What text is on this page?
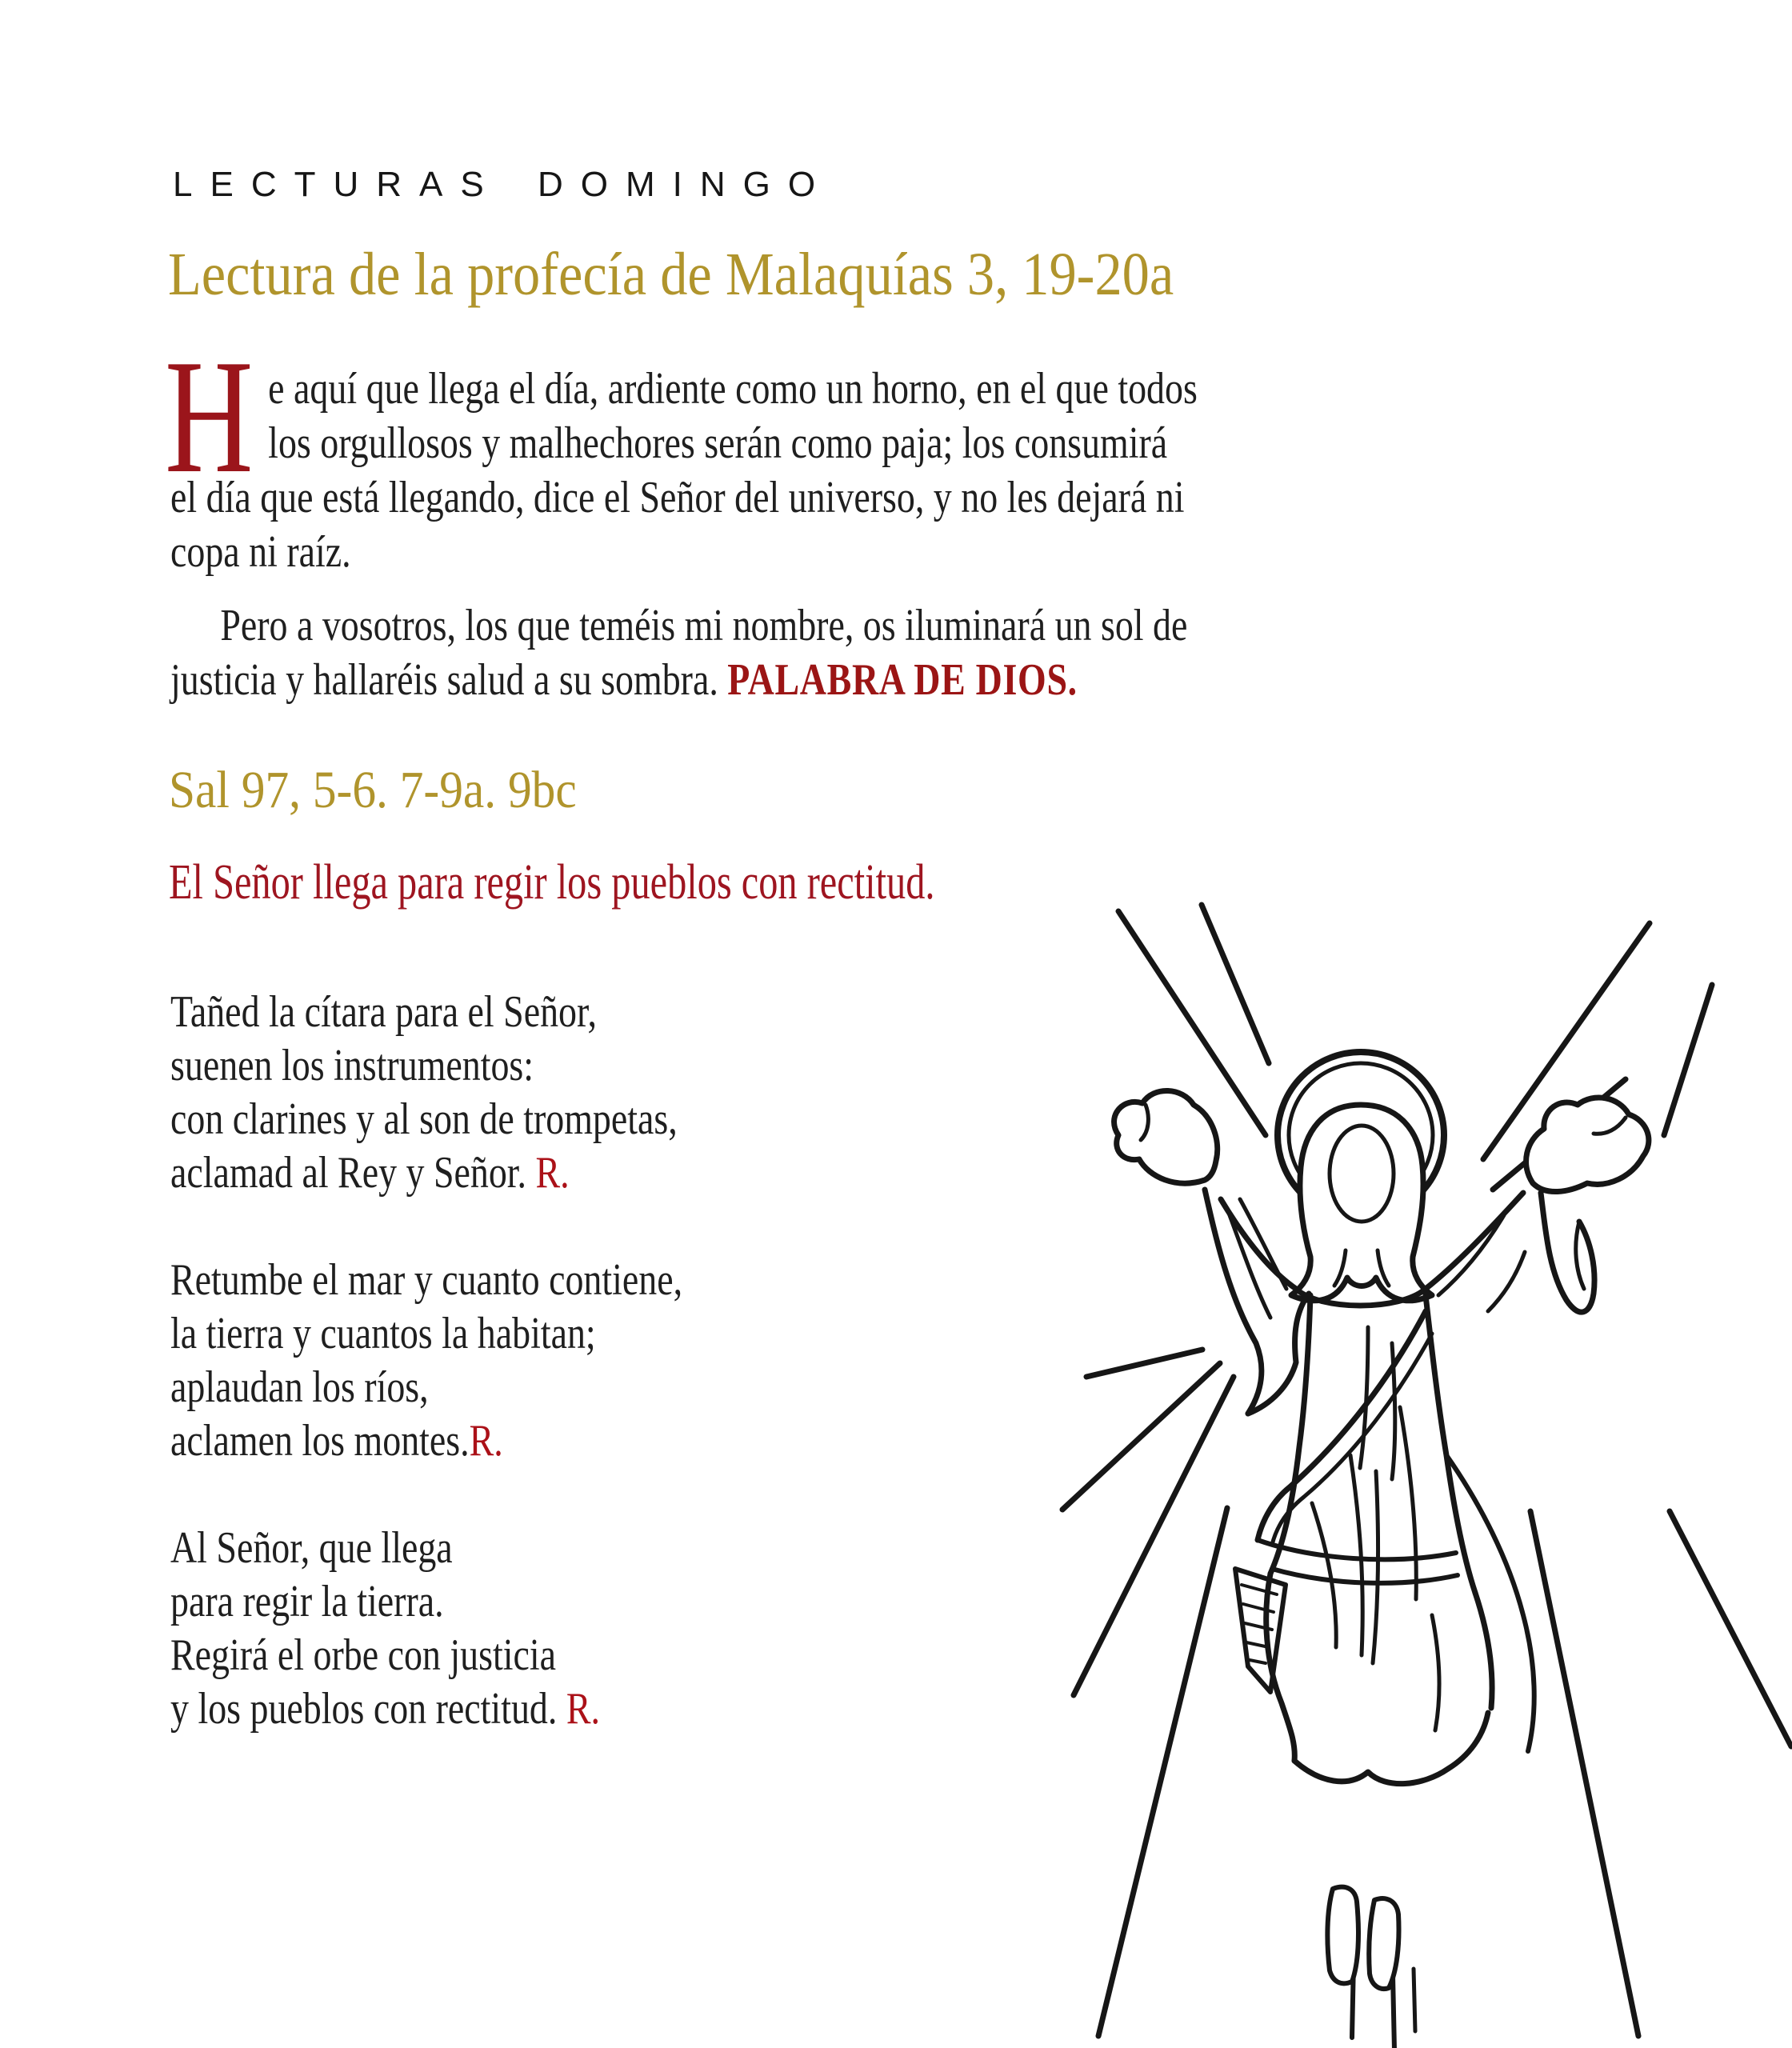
LECTURAS DOMINGO
Lectura de la profecía de Malaquías 3, 19-20a
H e aquí que llega el día, ardiente como un horno, en el que todos
los orgullosos y malhechores serán como paja; los consumirá
el día que está llegando, dice el Señor del universo, y no les dejará ni
copa ni raíz.
Pero a vosotros, los que teméis mi nombre, os iluminará un sol de
justicia y hallaréis salud a su sombra. PALABRA DE DIOS.
Sal 97, 5-6. 7-9a. 9bc
El Señor llega para regir los pueblos con rectitud.
Tañed la cítara para el Señor,
suenen los instrumentos:
con clarines y al son de trompetas,
aclamad al Rey y Señor. R.
Retumbe el mar y cuanto contiene,
la tierra y cuantos la habitan;
aplaudan los ríos,
aclamen los montes.R.
Al Señor, que llega
para regir la tierra.
Regirá el orbe con justicia
y los pueblos con rectitud. R.
